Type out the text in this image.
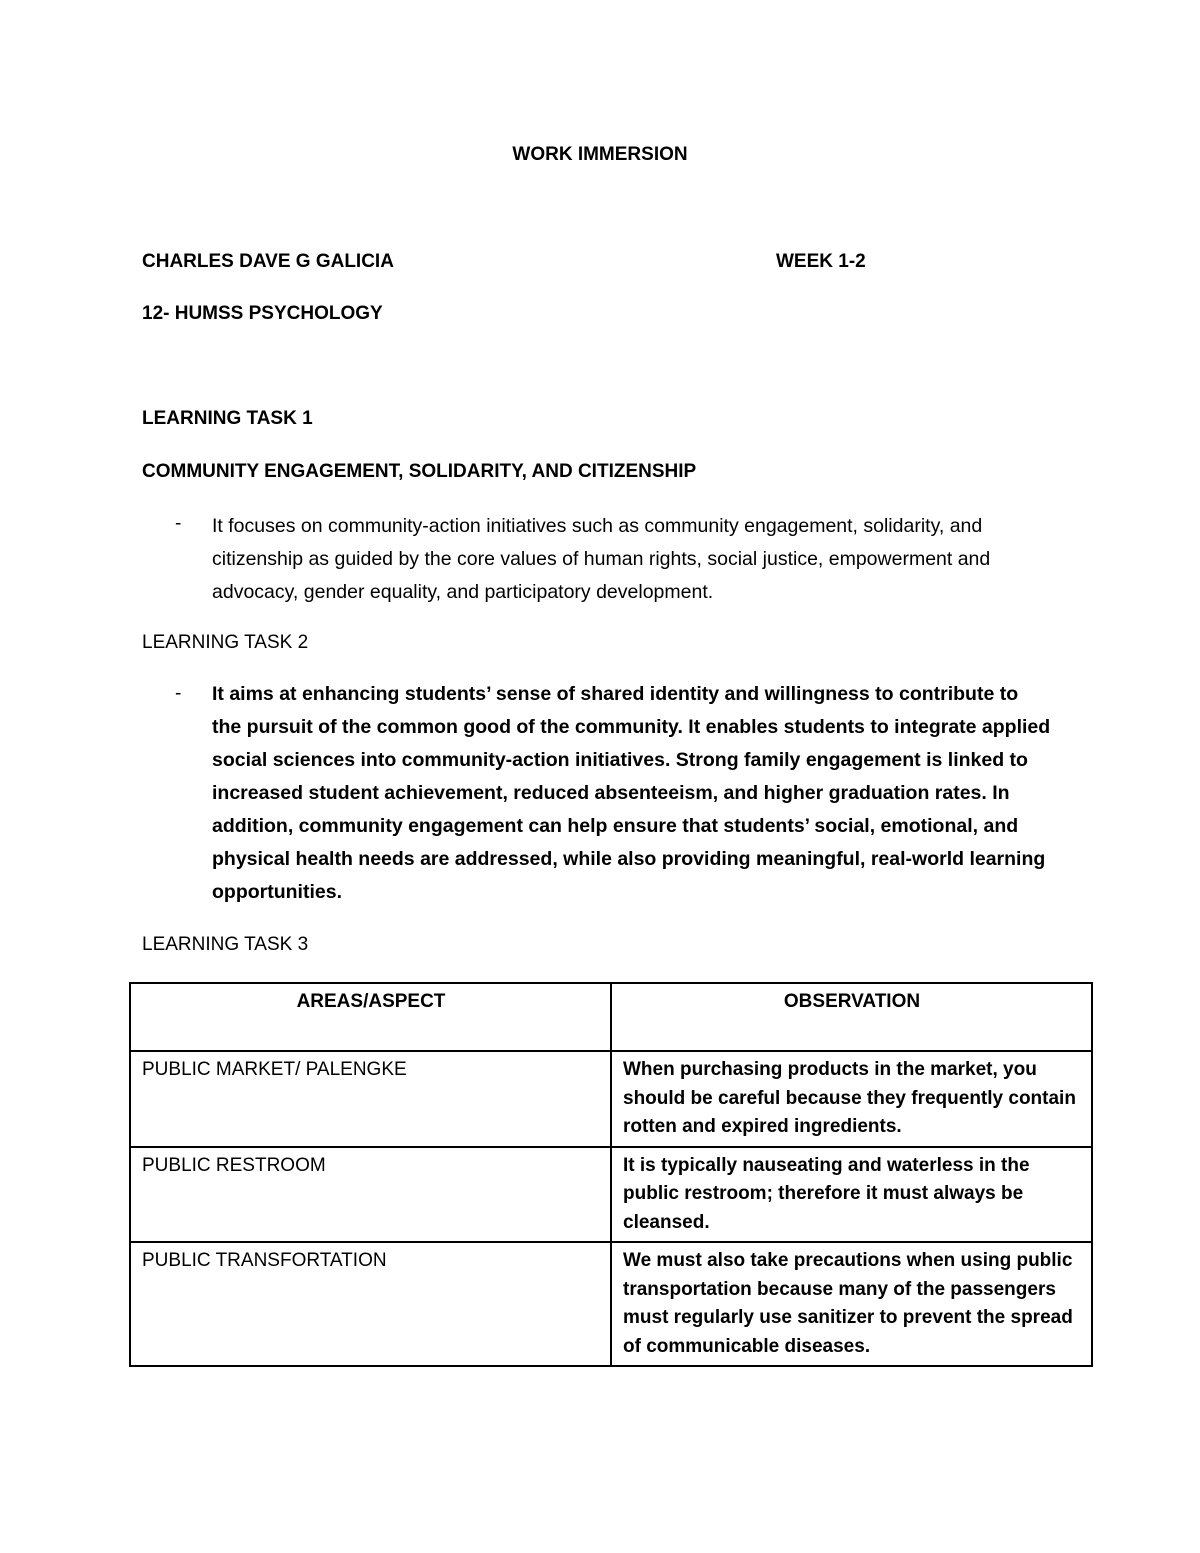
WORK IMMERSION
CHARLES DAVE G GALICIA	WEEK 1-2
12- HUMSS PSYCHOLOGY
LEARNING TASK 1
COMMUNITY ENGAGEMENT, SOLIDARITY, AND CITIZENSHIP
- It focuses on community-action initiatives such as community engagement, solidarity, and citizenship as guided by the core values of human rights, social justice, empowerment and advocacy, gender equality, and participatory development.
LEARNING TASK 2
- It aims at enhancing students’ sense of shared identity and willingness to contribute to the pursuit of the common good of the community. It enables students to integrate applied social sciences into community-action initiatives. Strong family engagement is linked to increased student achievement, reduced absenteeism, and higher graduation rates. In addition, community engagement can help ensure that students’ social, emotional, and physical health needs are addressed, while also providing meaningful, real-world learning opportunities.
LEARNING TASK 3
AREAS/ASPECT	OBSERVATION
PUBLIC MARKET/ PALENGKE	When purchasing products in the market, you should be careful because they frequently contain rotten and expired ingredients.
PUBLIC RESTROOM	It is typically nauseating and waterless in the public restroom; therefore it must always be cleansed.
PUBLIC TRANSFORTATION	We must also take precautions when using public transportation because many of the passengers must regularly use sanitizer to prevent the spread of communicable diseases.
